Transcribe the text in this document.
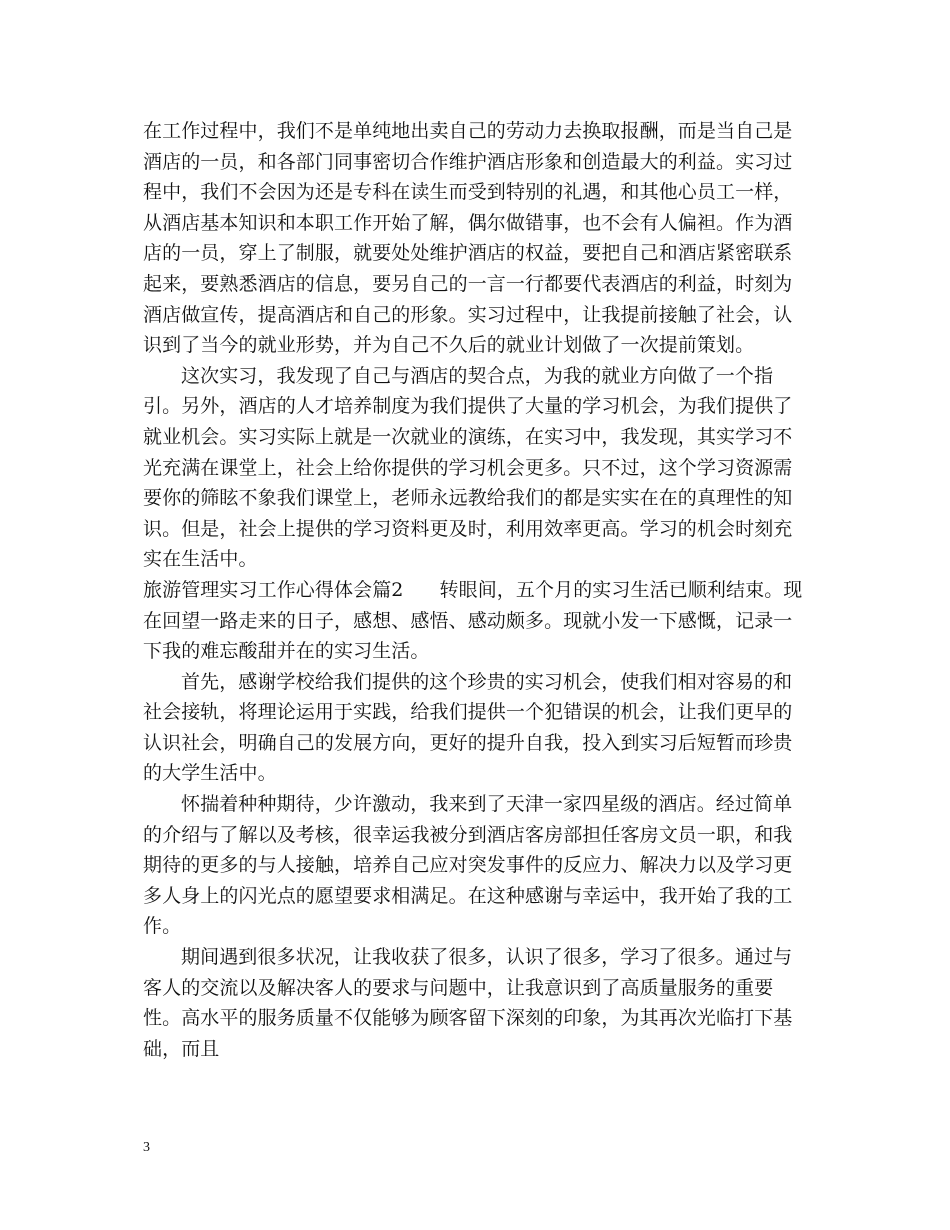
在工作过程中，我们不是单纯地出卖自己的劳动力去换取报酬，而是当自己是酒店的一员，和各部门同事密切合作维护酒店形象和创造最大的利益。实习过程中，我们不会因为还是专科在读生而受到特别的礼遇，和其他心员工一样，从酒店基本知识和本职工作开始了解，偶尔做错事，也不会有人偏袒。作为酒店的一员，穿上了制服，就要处处维护酒店的权益，要把自己和酒店紧密联系起来，要熟悉酒店的信息，要另自己的一言一行都要代表酒店的利益，时刻为酒店做宣传，提高酒店和自己的形象。实习过程中，让我提前接触了社会，认识到了当今的就业形势，并为自己不久后的就业计划做了一次提前策划。

这次实习，我发现了自己与酒店的契合点，为我的就业方向做了一个指引。另外，酒店的人才培养制度为我们提供了大量的学习机会，为我们提供了就业机会。实习实际上就是一次就业的演练，在实习中，我发现，其实学习不光充满在课堂上，社会上给你提供的学习机会更多。只不过，这个学习资源需要你的筛眩不象我们课堂上，老师永远教给我们的都是实实在在的真理性的知识。但是，社会上提供的学习资料更及时，利用效率更高。学习的机会时刻充实在生活中。

旅游管理实习工作心得体会篇2 转眼间，五个月的实习生活已顺利结束。现在回望一路走来的日子，感想、感悟、感动颇多。现就小发一下感慨，记录一下我的难忘酸甜并在的实习生活。

首先，感谢学校给我们提供的这个珍贵的实习机会，使我们相对容易的和社会接轨，将理论运用于实践，给我们提供一个犯错误的机会，让我们更早的认识社会，明确自己的发展方向，更好的提升自我，投入到实习后短暂而珍贵的大学生活中。

怀揣着种种期待，少许激动，我来到了天津一家四星级的酒店。经过简单的介绍与了解以及考核，很幸运我被分到酒店客房部担任客房文员一职，和我期待的更多的与人接触，培养自己应对突发事件的反应力、解决力以及学习更多人身上的闪光点的愿望要求相满足。在这种感谢与幸运中，我开始了我的工作。

期间遇到很多状况，让我收获了很多，认识了很多，学习了很多。通过与客人的交流以及解决客人的要求与问题中，让我意识到了高质量服务的重要性。高水平的服务质量不仅能够为顾客留下深刻的印象，为其再次光临打下基础，而且

3
